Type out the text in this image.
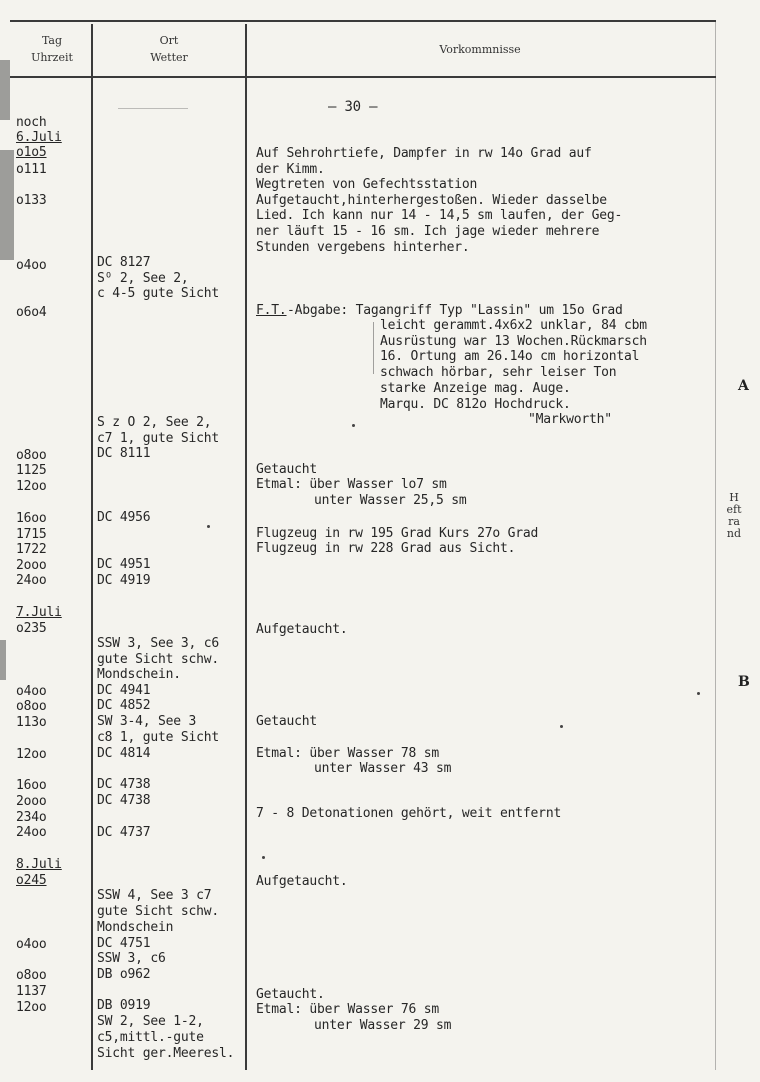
Tag
Uhrzeit
Ort
Wetter
Vorkommnisse
– 30 –
noch
6.Juli
o1o5
o111
o133
o4oo
o6o4
o8oo
1125
12oo
16oo
1715
1722
2ooo
24oo
7.Juli
o235
o4oo
o8oo
113o
12oo
16oo
2ooo
234o
24oo
8.Juli
o245
o4oo
o8oo
1137
12oo
DC 8127
Sᴼ 2, See 2,
c 4-5 gute Sicht
S z O 2, See 2,
c7 1, gute Sicht
DC 8111
DC 4956
DC 4951
DC 4919
SSW 3, See 3, c6
gute Sicht schw.
Mondschein.
DC 4941
DC 4852
SW 3-4, See 3
c8 1, gute Sicht
DC 4814
DC 4738
DC 4738
DC 4737
SSW 4, See 3 c7
gute Sicht schw.
Mondschein
DC 4751
SSW 3, c6
DB o962
DB 0919
SW 2, See 1-2,
c5,mittl.-gute
Sicht ger.Meeresl.
Auf Sehrohrtiefe, Dampfer in rw 14o Grad auf
der Kimm.
Wegtreten von Gefechtsstation
Aufgetaucht,hinterhergestoßen. Wieder dasselbe
Lied. Ich kann nur 14 - 14,5 sm laufen, der Geg-
ner läuft 15 - 16 sm. Ich jage wieder mehrere
Stunden vergebens hinterher.
F.T. -Abgabe: Tagangriff Typ "Lassin" um 15o Grad
leicht gerammt.4x6x2 unklar, 84 cbm
Ausrüstung war 13 Wochen.Rückmarsch
16. Ortung am 26.14o cm horizontal
schwach hörbar, sehr leiser Ton
starke Anzeige mag. Auge.
Marqu. DC 812o Hochdruck.
"Markworth"
Getaucht
Etmal: über Wasser lo7 sm
unter Wasser 25,5 sm
Flugzeug in rw 195 Grad Kurs 27o Grad
Flugzeug in rw 228 Grad aus Sicht.
Aufgetaucht.
Getaucht
Etmal: über Wasser 78 sm
unter Wasser 43 sm
7 - 8 Detonationen gehört, weit entfernt
Aufgetaucht.
Getaucht.
Etmal: über Wasser 76 sm
unter Wasser 29 sm
Heftrand
A
B
